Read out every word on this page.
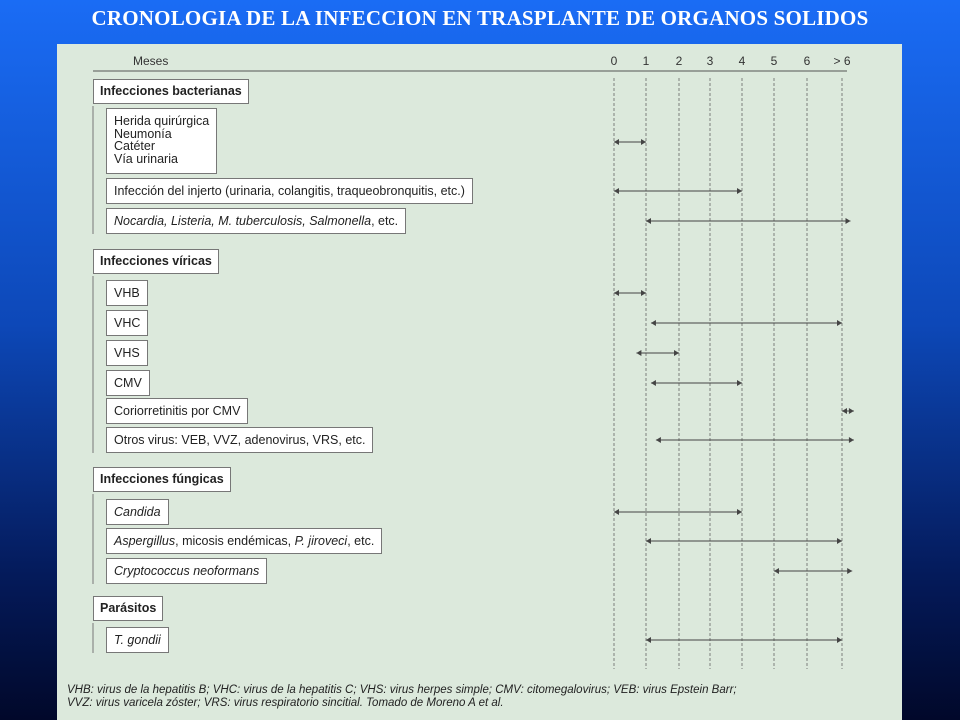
CRONOLOGIA DE LA INFECCION EN TRASPLANTE DE ORGANOS SOLIDOS
Meses	0 1 2 3 4 5 6 > 6
Infecciones bacterianas
Herida quirúrgica
Neumonía
Catéter
Vía urinaria
Infección del injerto (urinaria, colangitis, traqueobronquitis, etc.)
Nocardia, Listeria, M. tuberculosis, Salmonella, etc.
Infecciones víricas
VHB
VHC
VHS
CMV
Coriorretinitis por CMV
Otros virus: VEB, VVZ, adenovirus, VRS, etc.
Infecciones fúngicas
Candida
Aspergillus, micosis endémicas, P. jiroveci, etc.
Cryptococcus neoformans
Parásitos
T. gondii
VHB: virus de la hepatitis B; VHC: virus de la hepatitis C; VHS: virus herpes simple; CMV: citomegalovirus; VEB: virus Epstein Barr;
VVZ: virus varicela zóster; VRS: virus respiratorio sincitial. Tomado de Moreno A et al.
